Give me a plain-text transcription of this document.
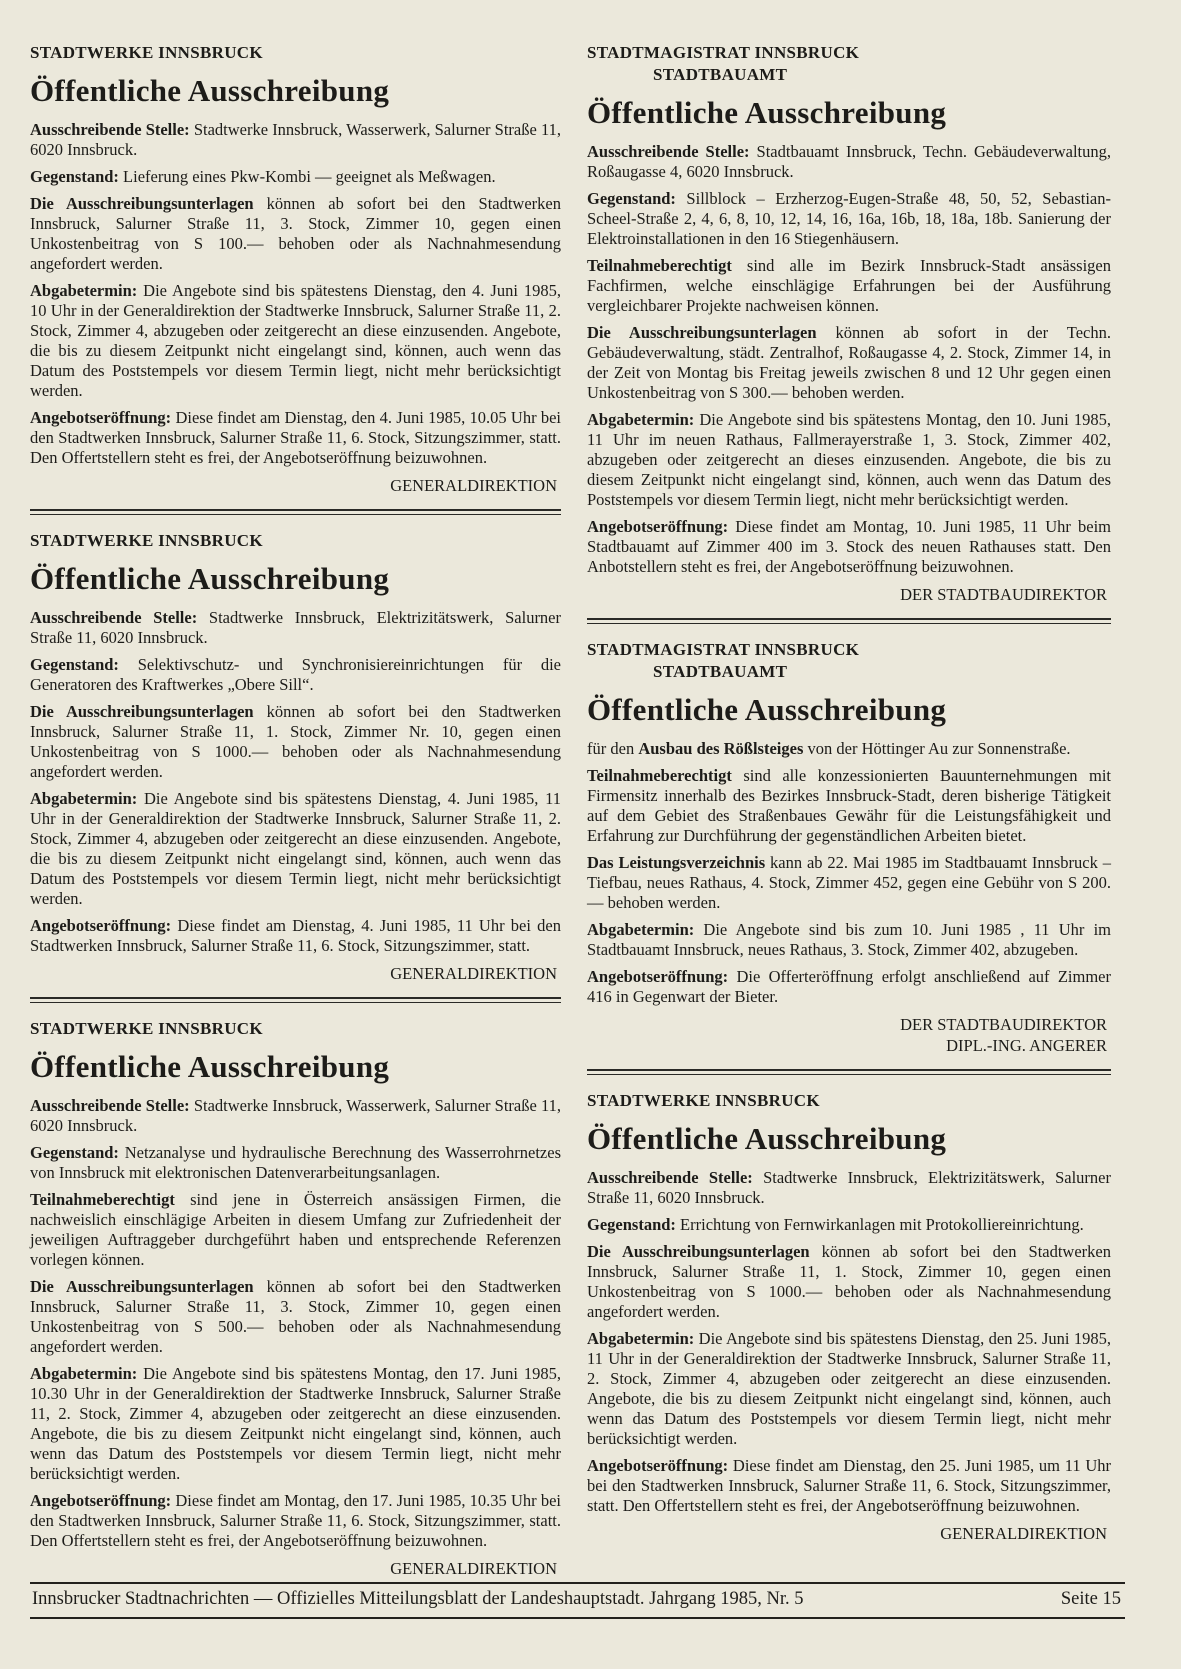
STADTWERKE INNSBRUCK
Öffentliche Ausschreibung

Ausschreibende Stelle: Stadtwerke Innsbruck, Wasserwerk, Salurner Straße 11, 6020 Innsbruck.

Gegenstand: Lieferung eines Pkw-Kombi — geeignet als Meßwagen.

Die Ausschreibungsunterlagen können ab sofort bei den Stadtwerken Innsbruck, Salurner Straße 11, 3. Stock, Zimmer 10, gegen einen Unkostenbeitrag von S 100.— behoben oder als Nachnahmesendung angefordert werden.

Abgabetermin: Die Angebote sind bis spätestens Dienstag, den 4. Juni 1985, 10 Uhr in der Generaldirektion der Stadtwerke Innsbruck, Salurner Straße 11, 2. Stock, Zimmer 4, abzugeben oder zeitgerecht an diese einzusenden. Angebote, die bis zu diesem Zeitpunkt nicht eingelangt sind, können, auch wenn das Datum des Poststempels vor diesem Termin liegt, nicht mehr berücksichtigt werden.

Angebotseröffnung: Diese findet am Dienstag, den 4. Juni 1985, 10.05 Uhr bei den Stadtwerken Innsbruck, Salurner Straße 11, 6. Stock, Sitzungszimmer, statt. Den Offertstellern steht es frei, der Angebotseröffnung beizuwohnen.

GENERALDIREKTION
STADTWERKE INNSBRUCK
Öffentliche Ausschreibung

Ausschreibende Stelle: Stadtwerke Innsbruck, Elektrizitätswerk, Salurner Straße 11, 6020 Innsbruck.

Gegenstand: Selektivschutz- und Synchronisiereinrichtungen für die Generatoren des Kraftwerkes „Obere Sill“.

Die Ausschreibungsunterlagen können ab sofort bei den Stadtwerken Innsbruck, Salurner Straße 11, 1. Stock, Zimmer Nr. 10, gegen einen Unkostenbeitrag von S 1000.— behoben oder als Nachnahmesendung angefordert werden.

Abgabetermin: Die Angebote sind bis spätestens Dienstag, 4. Juni 1985, 11 Uhr in der Generaldirektion der Stadtwerke Innsbruck, Salurner Straße 11, 2. Stock, Zimmer 4, abzugeben oder zeitgerecht an diese einzusenden. Angebote, die bis zu diesem Zeitpunkt nicht eingelangt sind, können, auch wenn das Datum des Poststempels vor diesem Termin liegt, nicht mehr berücksichtigt werden.

Angebotseröffnung: Diese findet am Dienstag, 4. Juni 1985, 11 Uhr bei den Stadtwerken Innsbruck, Salurner Straße 11, 6. Stock, Sitzungszimmer, statt.

GENERALDIREKTION
STADTWERKE INNSBRUCK
Öffentliche Ausschreibung

Ausschreibende Stelle: Stadtwerke Innsbruck, Wasserwerk, Salurner Straße 11, 6020 Innsbruck.

Gegenstand: Netzanalyse und hydraulische Berechnung des Wasserrohrnetzes von Innsbruck mit elektronischen Datenverarbeitungsanlagen.

Teilnahmeberechtigt sind jene in Österreich ansässigen Firmen, die nachweislich einschlägige Arbeiten in diesem Umfang zur Zufriedenheit der jeweiligen Auftraggeber durchgeführt haben und entsprechende Referenzen vorlegen können.

Die Ausschreibungsunterlagen können ab sofort bei den Stadtwerken Innsbruck, Salurner Straße 11, 3. Stock, Zimmer 10, gegen einen Unkostenbeitrag von S 500.— behoben oder als Nachnahmesendung angefordert werden.

Abgabetermin: Die Angebote sind bis spätestens Montag, den 17. Juni 1985, 10.30 Uhr in der Generaldirektion der Stadtwerke Innsbruck, Salurner Straße 11, 2. Stock, Zimmer 4, abzugeben oder zeitgerecht an diese einzusenden. Angebote, die bis zu diesem Zeitpunkt nicht eingelangt sind, können, auch wenn das Datum des Poststempels vor diesem Termin liegt, nicht mehr berücksichtigt werden.

Angebotseröffnung: Diese findet am Montag, den 17. Juni 1985, 10.35 Uhr bei den Stadtwerken Innsbruck, Salurner Straße 11, 6. Stock, Sitzungszimmer, statt. Den Offertstellern steht es frei, der Angebotseröffnung beizuwohnen.

GENERALDIREKTION
STADTMAGISTRAT INNSBRUCK
STADTBAUAMT
Öffentliche Ausschreibung

Ausschreibende Stelle: Stadtbauamt Innsbruck, Techn. Gebäudeverwaltung, Roßaugasse 4, 6020 Innsbruck.

Gegenstand: Sillblock – Erzherzog-Eugen-Straße 48, 50, 52, Sebastian-Scheel-Straße 2, 4, 6, 8, 10, 12, 14, 16, 16a, 16b, 18, 18a, 18b. Sanierung der Elektroinstallationen in den 16 Stiegenhäusern.

Teilnahmeberechtigt sind alle im Bezirk Innsbruck-Stadt ansässigen Fachfirmen, welche einschlägige Erfahrungen bei der Ausführung vergleichbarer Projekte nachweisen können.

Die Ausschreibungsunterlagen können ab sofort in der Techn. Gebäudeverwaltung, städt. Zentralhof, Roßaugasse 4, 2. Stock, Zimmer 14, in der Zeit von Montag bis Freitag jeweils zwischen 8 und 12 Uhr gegen einen Unkostenbeitrag von S 300.— behoben werden.

Abgabetermin: Die Angebote sind bis spätestens Montag, den 10. Juni 1985, 11 Uhr im neuen Rathaus, Fallmerayerstraße 1, 3. Stock, Zimmer 402, abzugeben oder zeitgerecht an dieses einzusenden. Angebote, die bis zu diesem Zeitpunkt nicht eingelangt sind, können, auch wenn das Datum des Poststempels vor diesem Termin liegt, nicht mehr berücksichtigt werden.

Angebotseröffnung: Diese findet am Montag, 10. Juni 1985, 11 Uhr beim Stadtbauamt auf Zimmer 400 im 3. Stock des neuen Rathauses statt. Den Anbotstellern steht es frei, der Angebotseröffnung beizuwohnen.

DER STADTBAUDIREKTOR
STADTMAGISTRAT INNSBRUCK
STADTBAUAMT
Öffentliche Ausschreibung

für den Ausbau des Rößlsteiges von der Höttinger Au zur Sonnenstraße.

Teilnahmeberechtigt sind alle konzessionierten Bauunternehmungen mit Firmensitz innerhalb des Bezirkes Innsbruck-Stadt, deren bisherige Tätigkeit auf dem Gebiet des Straßenbaues Gewähr für die Leistungsfähigkeit und Erfahrung zur Durchführung der gegenständlichen Arbeiten bietet.

Das Leistungsverzeichnis kann ab 22. Mai 1985 im Stadtbauamt Innsbruck – Tiefbau, neues Rathaus, 4. Stock, Zimmer 452, gegen eine Gebühr von S 200.— behoben werden.

Abgabetermin: Die Angebote sind bis zum 10. Juni 1985 , 11 Uhr im Stadtbauamt Innsbruck, neues Rathaus, 3. Stock, Zimmer 402, abzugeben.

Angebotseröffnung: Die Offerteröffnung erfolgt anschließend auf Zimmer 416 in Gegenwart der Bieter.

DER STADTBAUDIREKTOR
DIPL.-ING. ANGERER
STADTWERKE INNSBRUCK
Öffentliche Ausschreibung

Ausschreibende Stelle: Stadtwerke Innsbruck, Elektrizitätswerk, Salurner Straße 11, 6020 Innsbruck.

Gegenstand: Errichtung von Fernwirkanlagen mit Protokolliereinrichtung.

Die Ausschreibungsunterlagen können ab sofort bei den Stadtwerken Innsbruck, Salurner Straße 11, 1. Stock, Zimmer 10, gegen einen Unkostenbeitrag von S 1000.— behoben oder als Nachnahmesendung angefordert werden.

Abgabetermin: Die Angebote sind bis spätestens Dienstag, den 25. Juni 1985, 11 Uhr in der Generaldirektion der Stadtwerke Innsbruck, Salurner Straße 11, 2. Stock, Zimmer 4, abzugeben oder zeitgerecht an diese einzusenden. Angebote, die bis zu diesem Zeitpunkt nicht eingelangt sind, können, auch wenn das Datum des Poststempels vor diesem Termin liegt, nicht mehr berücksichtigt werden.

Angebotseröffnung: Diese findet am Dienstag, den 25. Juni 1985, um 11 Uhr bei den Stadtwerken Innsbruck, Salurner Straße 11, 6. Stock, Sitzungszimmer, statt. Den Offertstellern steht es frei, der Angebotseröffnung beizuwohnen.

GENERALDIREKTION
Innsbrucker Stadtnachrichten — Offizielles Mitteilungsblatt der Landeshauptstadt. Jahrgang 1985, Nr. 5	Seite 15
